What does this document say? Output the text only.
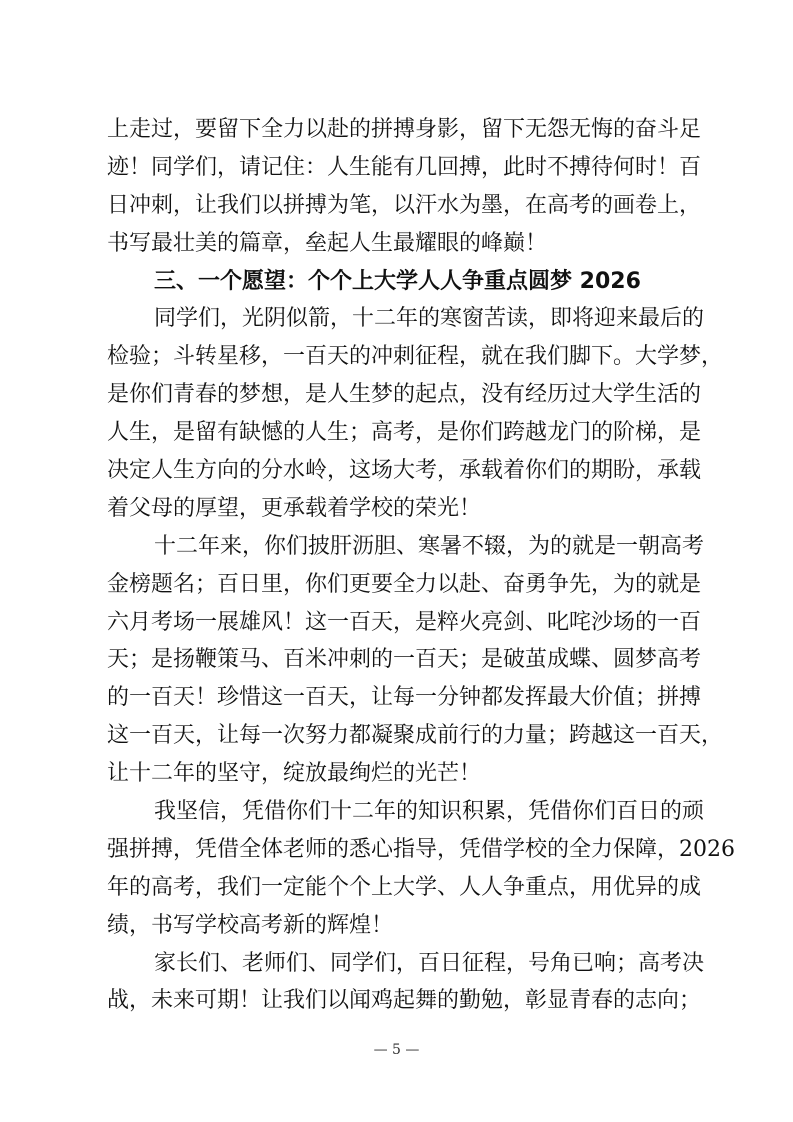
上走过，要留下全力以赴的拼搏身影，留下无怨无悔的奋斗足
迹！同学们，请记住：人生能有几回搏，此时不搏待何时！百
日冲刺，让我们以拼搏为笔，以汗水为墨，在高考的画卷上，
书写最壮美的篇章，垒起人生最耀眼的峰巅！
三、一个愿望：个个上大学人人争重点圆梦 2026
同学们，光阴似箭，十二年的寒窗苦读，即将迎来最后的
检验；斗转星移，一百天的冲刺征程，就在我们脚下。大学梦，
是你们青春的梦想，是人生梦的起点，没有经历过大学生活的
人生，是留有缺憾的人生；高考，是你们跨越龙门的阶梯，是
决定人生方向的分水岭，这场大考，承载着你们的期盼，承载
着父母的厚望，更承载着学校的荣光！
十二年来，你们披肝沥胆、寒暑不辍，为的就是一朝高考
金榜题名；百日里，你们更要全力以赴、奋勇争先，为的就是
六月考场一展雄风！这一百天，是粹火亮剑、叱咤沙场的一百
天；是扬鞭策马、百米冲刺的一百天；是破茧成蝶、圆梦高考
的一百天！珍惜这一百天，让每一分钟都发挥最大价值；拼搏
这一百天，让每一次努力都凝聚成前行的力量；跨越这一百天，
让十二年的坚守，绽放最绚烂的光芒！
我坚信，凭借你们十二年的知识积累，凭借你们百日的顽
强拼搏，凭借全体老师的悉心指导，凭借学校的全力保障，2026
年的高考，我们一定能个个上大学、人人争重点，用优异的成
绩，书写学校高考新的辉煌！
家长们、老师们、同学们，百日征程，号角已响；高考决
战，未来可期！让我们以闻鸡起舞的勤勉，彰显青春的志向；
— 5 —
